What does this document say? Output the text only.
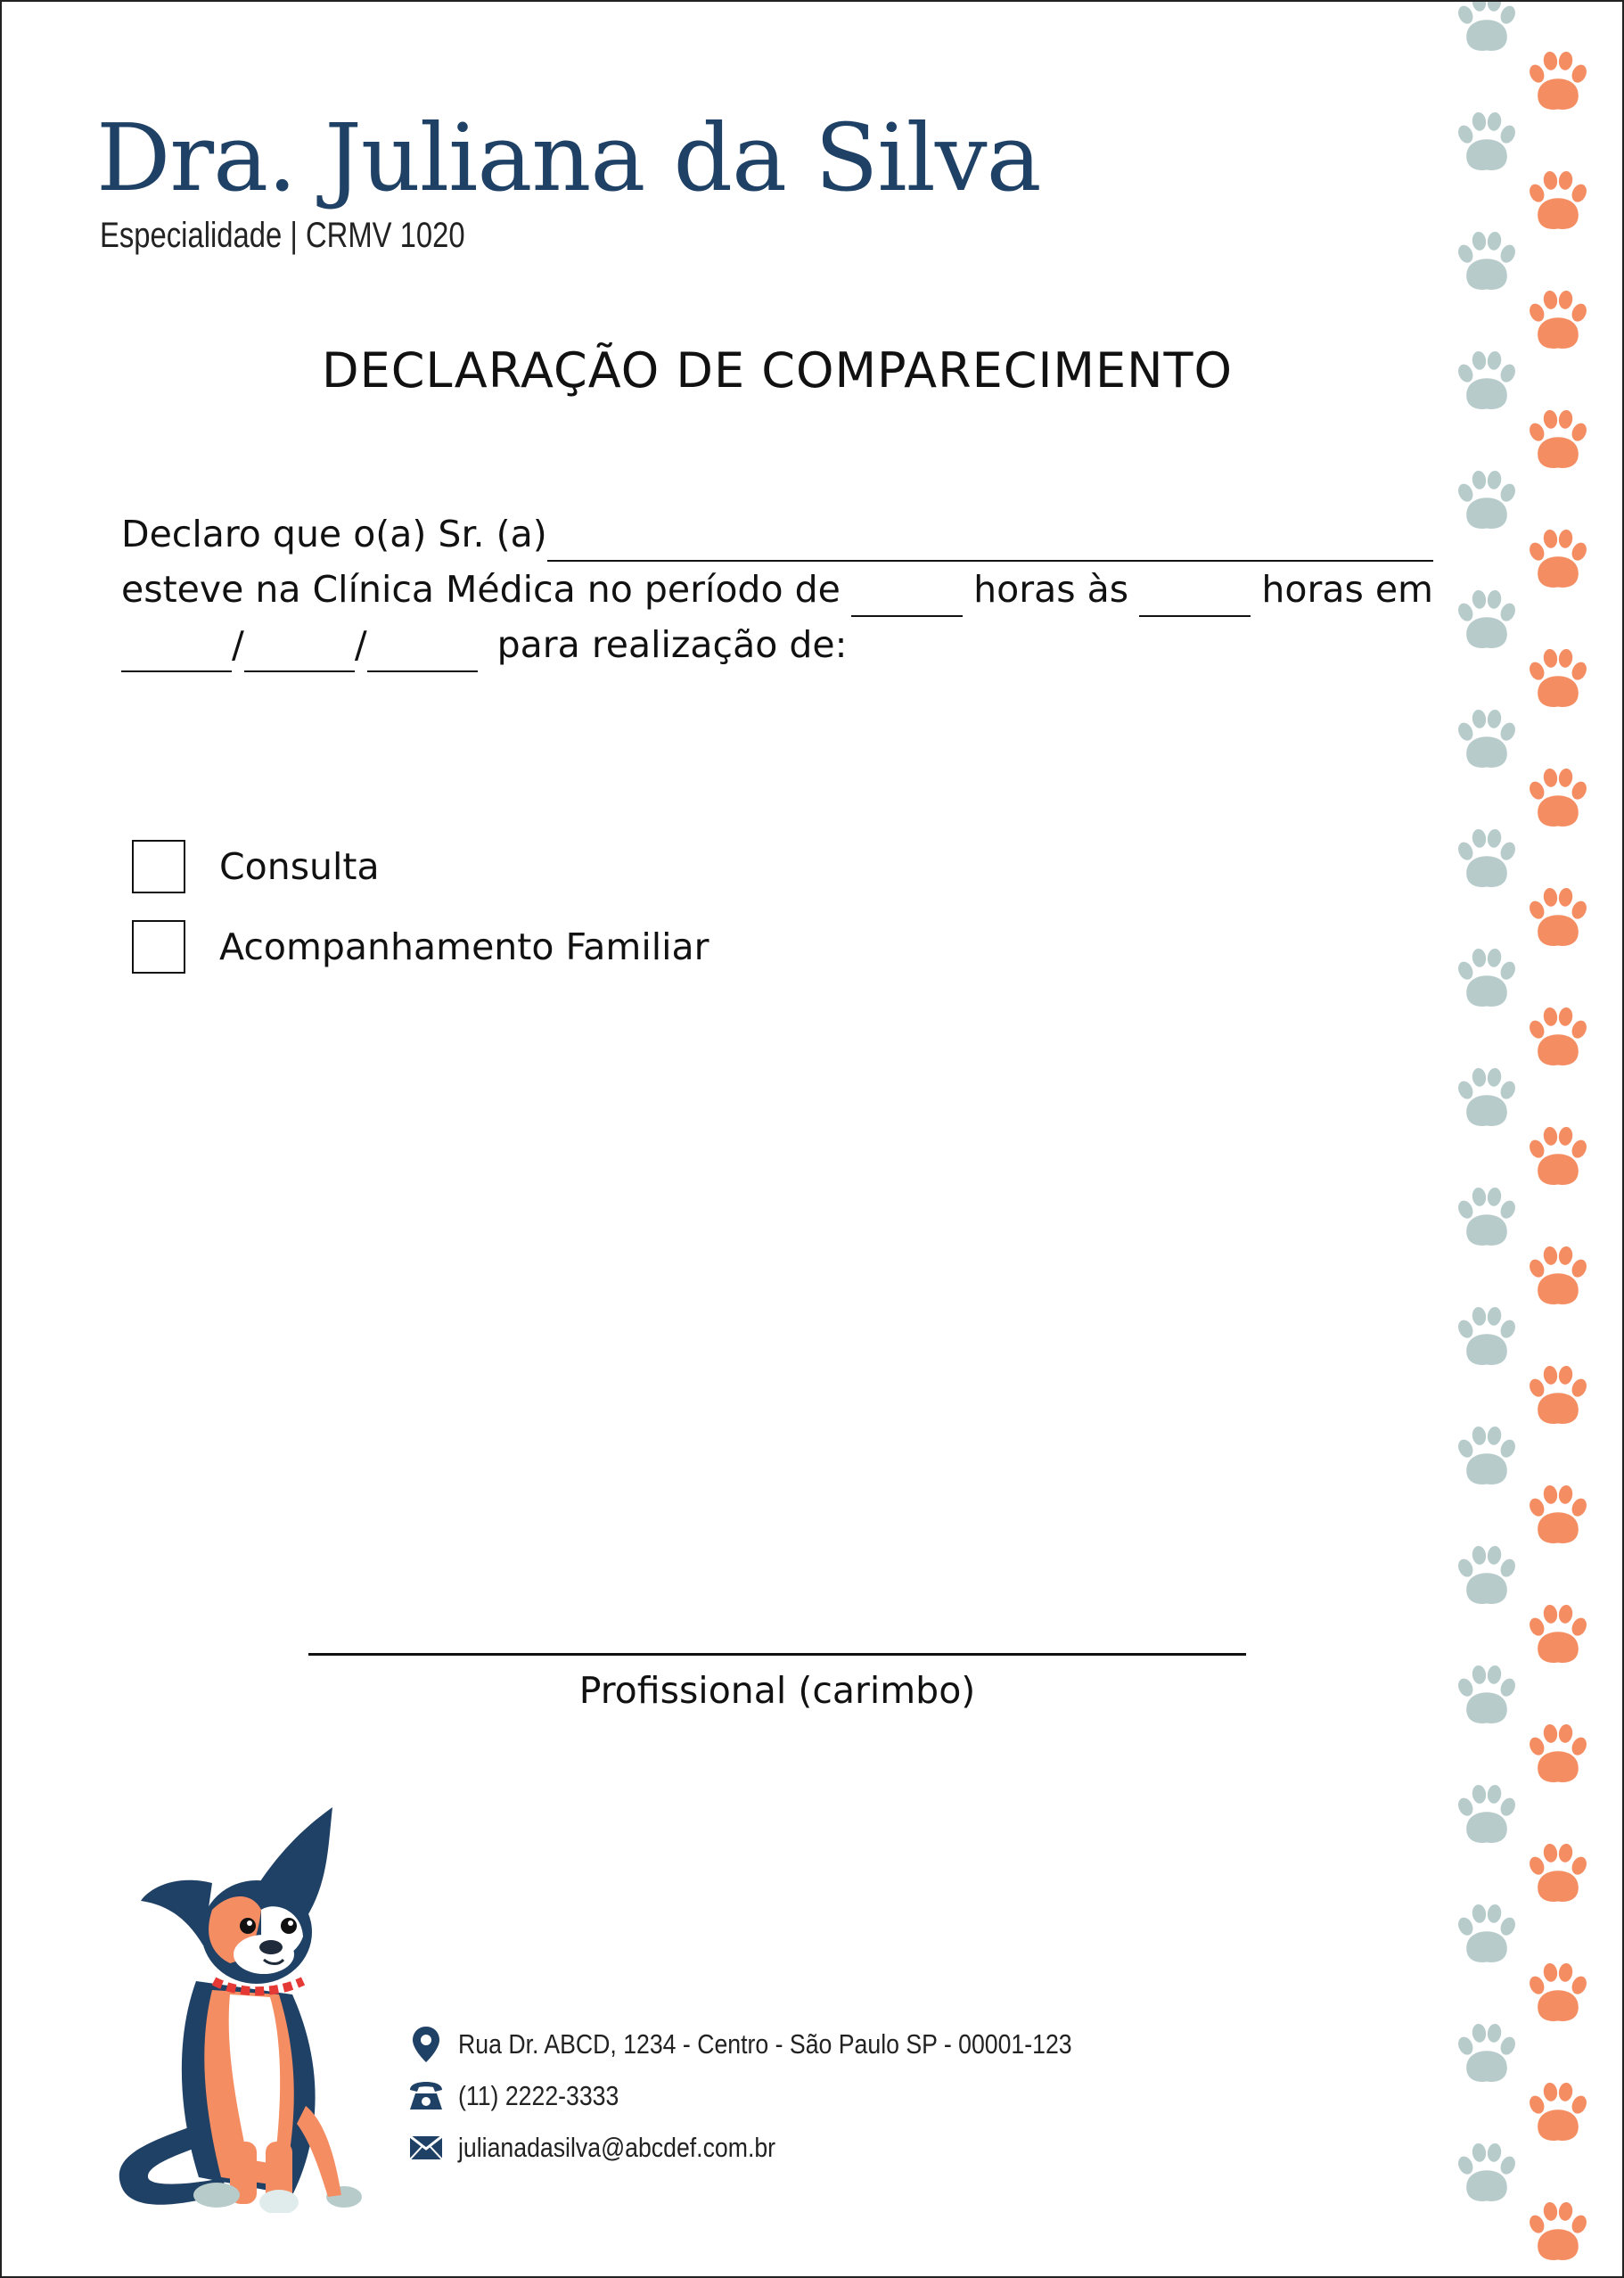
Dra. Juliana da Silva
Especialidade | CRMV 1020
DECLARAÇÃO DE COMPARECIMENTO
Declaro que o(a) Sr. (a)
esteve na Clínica Médica no período de	horas às	horas em
/	/	para realização de:
Consulta
Acompanhamento Familiar
Profissional (carimbo)
Rua Dr. ABCD, 1234 - Centro - São Paulo SP - 00001-123
(11) 2222-3333
julianadasilva@abcdef.com.br
